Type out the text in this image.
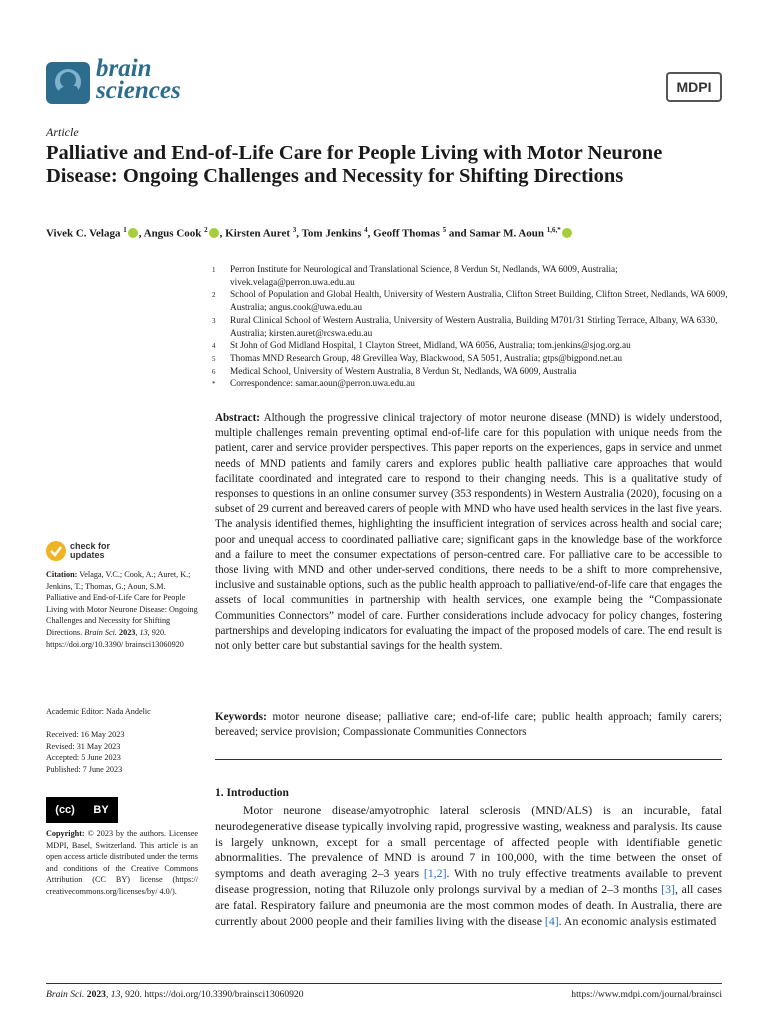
brain
sciences	MDPI
Article
Palliative and End-of-Life Care for People Living with Motor Neurone Disease: Ongoing Challenges and Necessity for Shifting Directions
Vivek C. Velaga $^1$ , Angus Cook $^2$ , Kirsten Auret $^3$, Tom Jenkins $^4$, Geoff Thomas $^5$ and Samar M. Aoun $^{1,6,*}$
1	Perron Institute for Neurological and Translational Science, 8 Verdun St, Nedlands, WA 6009, Australia; vivek.velaga@perron.uwa.edu.au
2	School of Population and Global Health, University of Western Australia, Clifton Street Building, Clifton Street, Nedlands, WA 6009, Australia; angus.cook@uwa.edu.au
3	Rural Clinical School of Western Australia, University of Western Australia, Building M701/31 Stirling Terrace, Albany, WA 6330, Australia; kirsten.auret@rcswa.edu.au
4	St John of God Midland Hospital, 1 Clayton Street, Midland, WA 6056, Australia; tom.jenkins@sjog.org.au
5	Thomas MND Research Group, 48 Grevillea Way, Blackwood, SA 5051, Australia; gtps@bigpond.net.au
6	Medical School, University of Western Australia, 8 Verdun St, Nedlands, WA 6009, Australia
*	Correspondence: samar.aoun@perron.uwa.edu.au
Abstract: Although the progressive clinical trajectory of motor neurone disease (MND) is widely understood, multiple challenges remain preventing optimal end-of-life care for this population with unique needs from the patient, carer and service provider perspectives. This paper reports on the experiences, gaps in service and unmet needs of MND patients and family carers and explores public health palliative care approaches that would facilitate coordinated and integrated care to respond to their changing needs. This is a qualitative study of responses to questions in an online consumer survey (353 respondents) in Western Australia (2020), focusing on a subset of 29 current and bereaved carers of people with MND who have used health services in the last five years. The analysis identified themes, highlighting the insufficient integration of services across health and social care; poor and unequal access to coordinated palliative care; significant gaps in the knowledge base of the workforce and a failure to meet the consumer expectations of person-centred care. For palliative care to be accessible to those living with MND and other under-served conditions, there needs to be a shift to more comprehensive, inclusive and sustainable options, such as the public health approach to palliative/end-of-life care that engages the assets of local communities in partnership with health services, one example being the “Compassionate Communities Connectors” model of care. Further considerations include advocacy for policy changes, fostering partnerships and developing indicators for evaluating the impact of the proposed models of care. The end result is not only better care but substantial savings for the health system.
Keywords: motor neurone disease; palliative care; end-of-life care; public health approach; family carers; bereaved; service provision; Compassionate Communities Connectors
check for
updates
Citation: Velaga, V.C.; Cook, A.; Auret, K.; Jenkins, T.; Thomas, G.; Aoun, S.M. Palliative and End-of-Life Care for People Living with Motor Neurone Disease: Ongoing Challenges and Necessity for Shifting Directions. Brain Sci. 2023, 13, 920. https://doi.org/10.3390/ brainsci13060920
Academic Editor: Nada Andelic
Received: 16 May 2023
Revised: 31 May 2023
Accepted: 5 June 2023
Published: 7 June 2023
(cc) BY
Copyright: © 2023 by the authors. Licensee MDPI, Basel, Switzerland. This article is an open access article distributed under the terms and conditions of the Creative Commons Attribution (CC BY) license (https:// creativecommons.org/licenses/by/ 4.0/).
1. Introduction

Motor neurone disease/amyotrophic lateral sclerosis (MND/ALS) is an incurable, fatal neurodegenerative disease typically involving rapid, progressive wasting, weakness and paralysis. Its cause is largely unknown, except for a small percentage of affected people with identifiable genetic abnormalities. The prevalence of MND is around 7 in 100,000, with the time between the onset of symptoms and death averaging 2–3 years [1,2]. With no truly effective treatments available to prevent disease progression, noting that Riluzole only prolongs survival by a median of 2–3 months [3], all cases are fatal. Respiratory failure and pneumonia are the most common modes of death. In Australia, there are currently about 2000 people and their families living with the disease [4]. An economic analysis estimated

Brain Sci. 2023, 13, 920. https://doi.org/10.3390/brainsci13060920	https://www.mdpi.com/journal/brainsci
